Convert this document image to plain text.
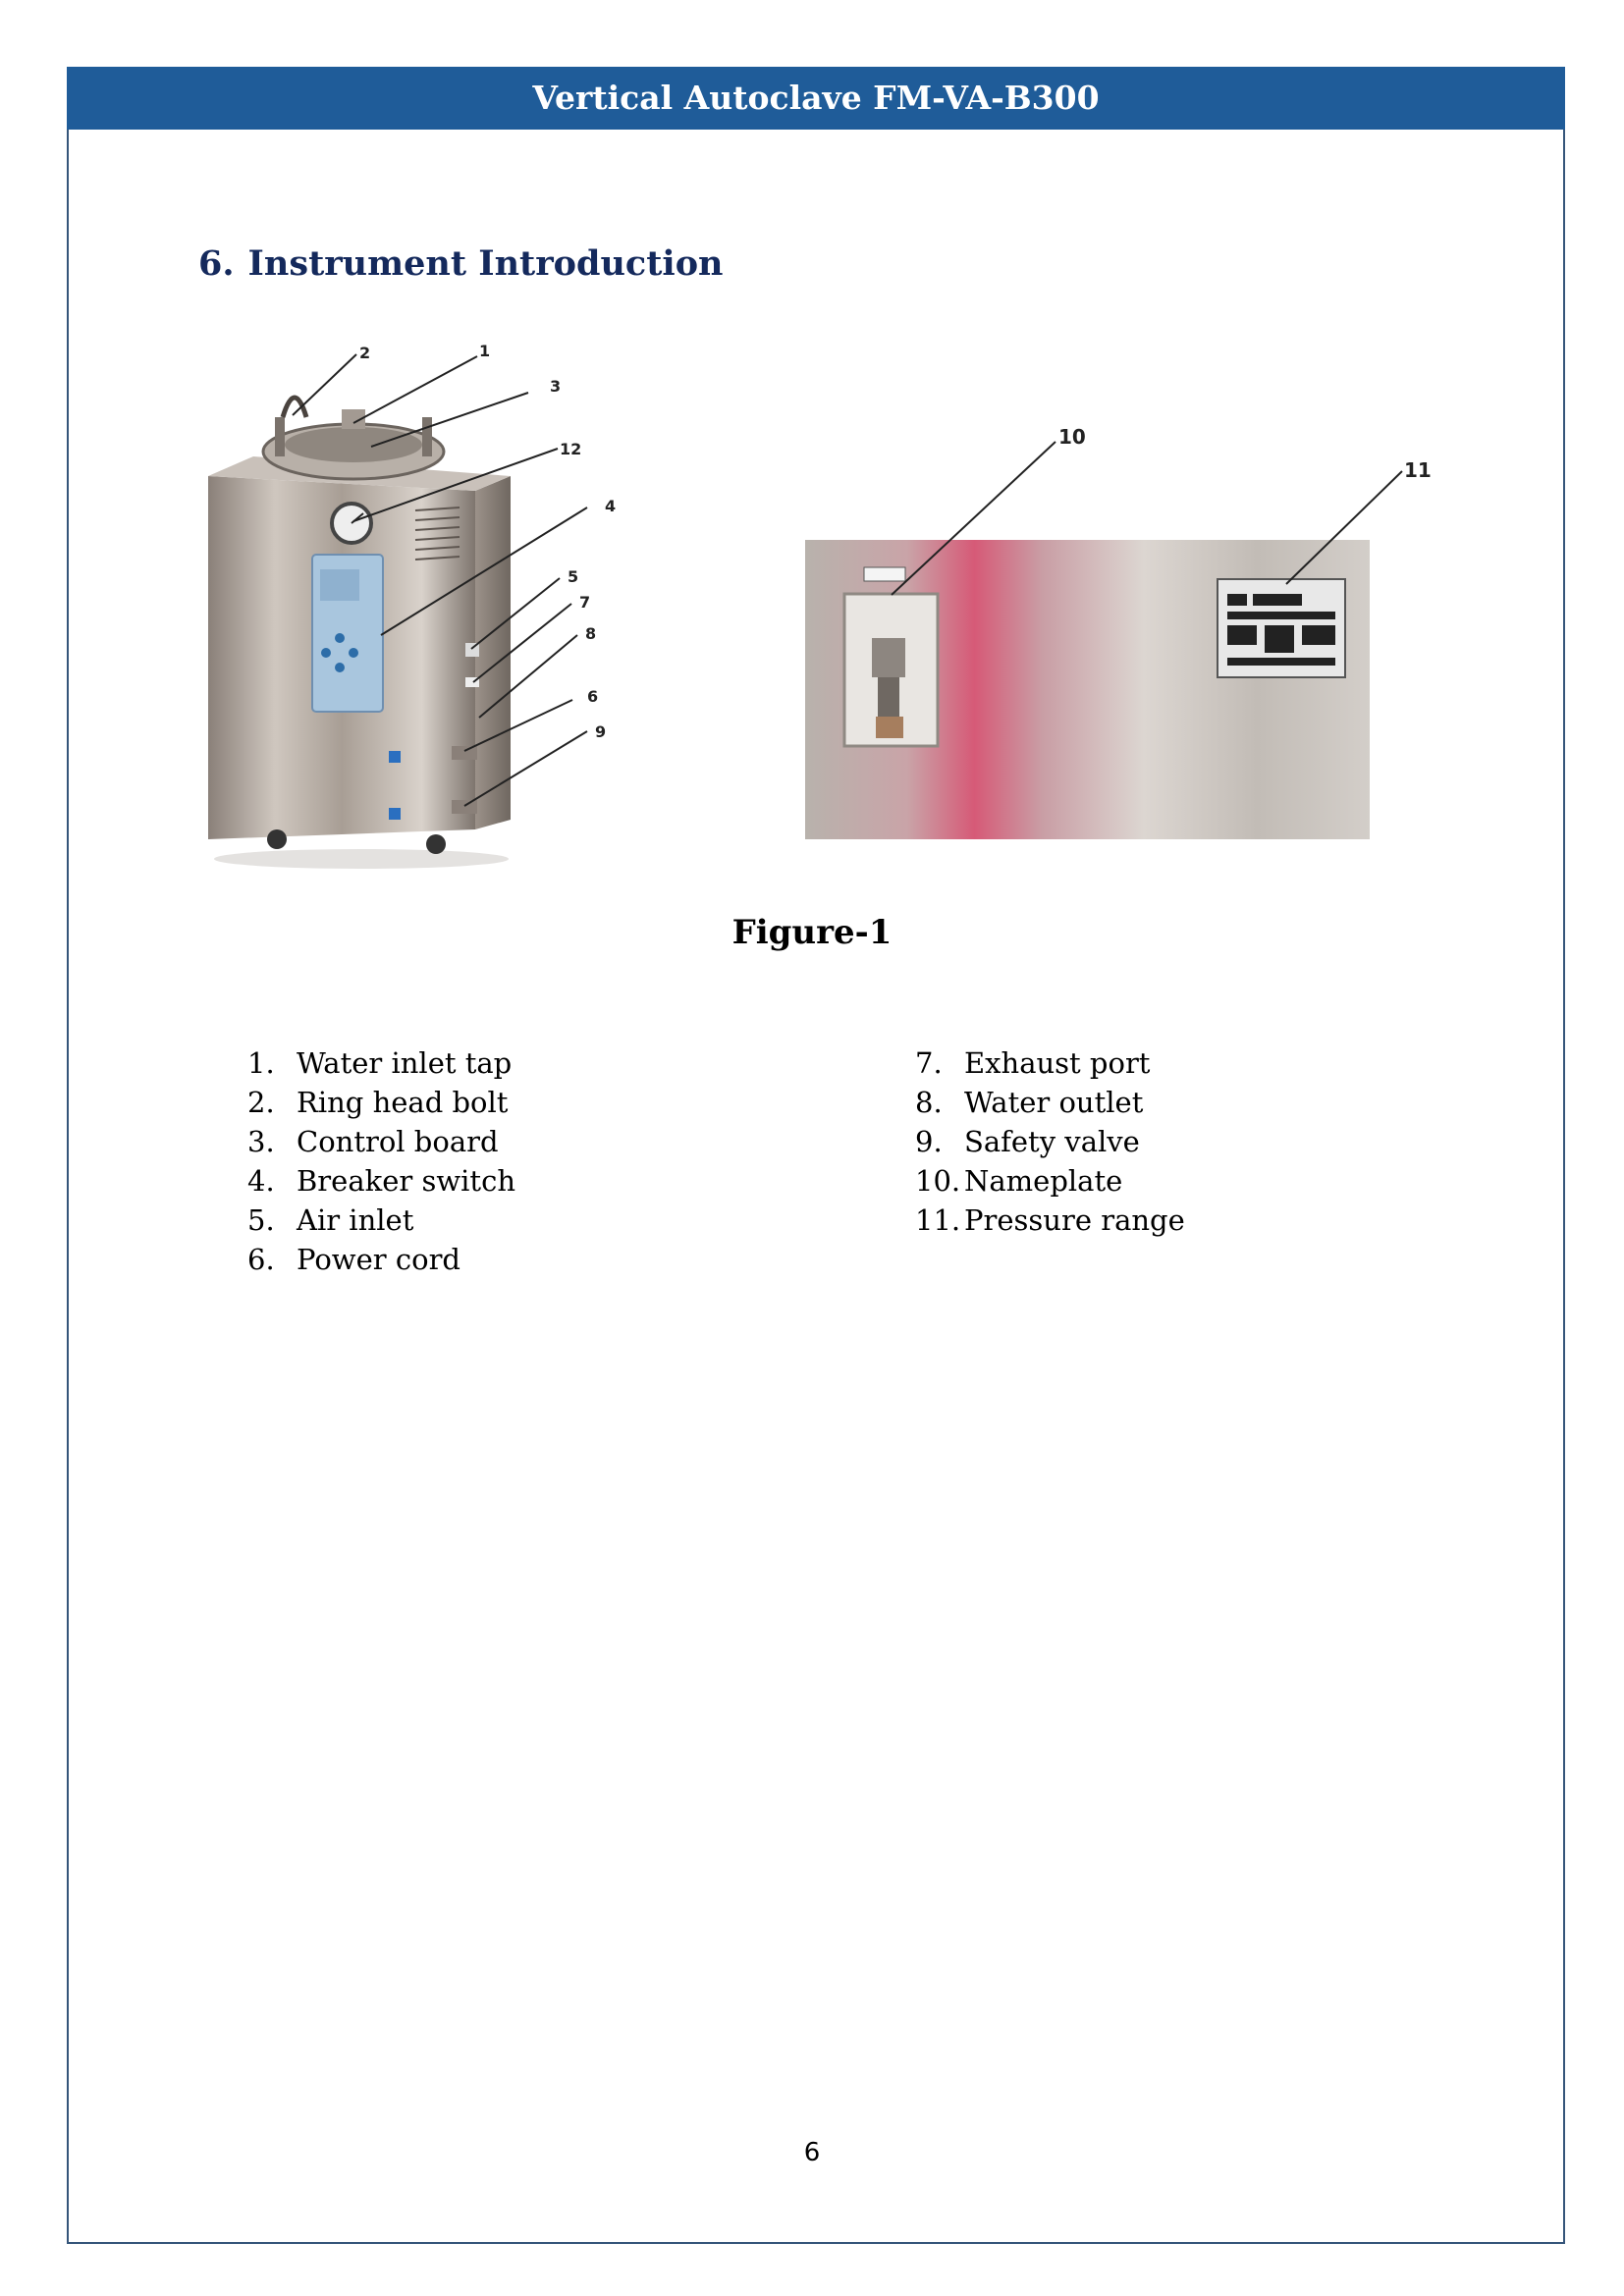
Vertical Autoclave FM-VA-B300
6. Instrument Introduction
2	1
3
12
4
5
7
8
6
9
10
11
Figure-1
1. Water inlet tap
2. Ring head bolt
3. Control board
4. Breaker switch
5. Air inlet
6. Power cord
7. Exhaust port
8. Water outlet
9. Safety valve
10. Nameplate
11. Pressure range
6
